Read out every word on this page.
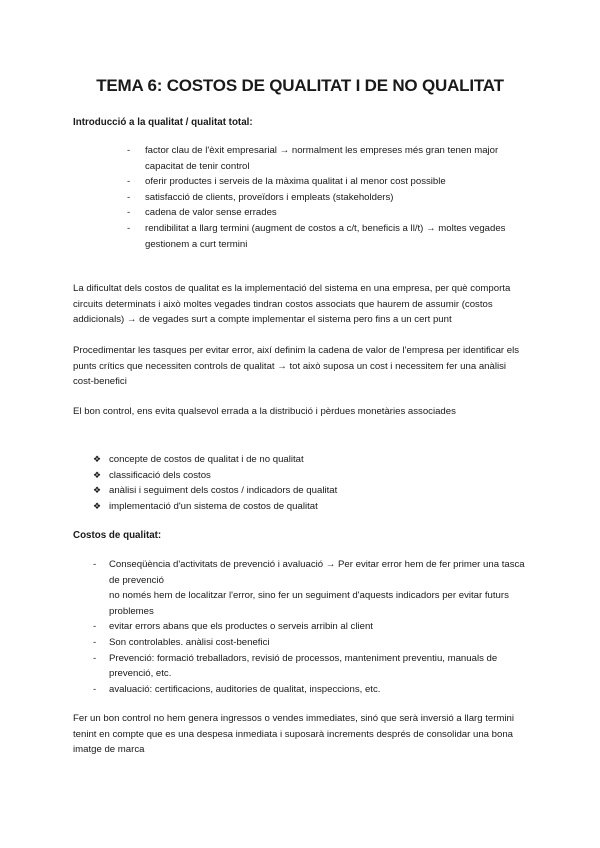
TEMA 6: COSTOS DE QUALITAT I DE NO QUALITAT
Introducció a la qualitat / qualitat total:
- factor clau de l'èxit empresarial → normalment les empreses més gran tenen major capacitat de tenir control
- oferir productes i serveis de la màxima qualitat i al menor cost possible
- satisfacció de clients, proveïdors i empleats (stakeholders)
- cadena de valor sense errades
- rendibilitat a llarg termini (augment de costos a c/t, beneficis a ll/t) → moltes vegades gestionem a curt termini
La dificultat dels costos de qualitat es la implementació del sistema en una empresa, per què comporta circuits determinats i això moltes vegades tindran costos associats que haurem de assumir (costos addicionals) → de vegades surt a compte implementar el sistema pero fins a un cert punt
Procedimentar les tasques per evitar error, així definim la cadena de valor de l'empresa per identificar els punts crítics que necessiten controls de qualitat → tot això suposa un cost i necessitem fer una anàlisi cost-benefici
El bon control, ens evita qualsevol errada a la distribució i pèrdues monetàries associades
❖ concepte de costos de qualitat i de no qualitat
❖ classificació dels costos
❖ anàlisi i seguiment dels costos / indicadors de qualitat
❖ implementació d'un sistema de costos de qualitat
Costos de qualitat:
- Conseqüència d'activitats de prevenció i avaluació → Per evitar error hem de fer primer una tasca de prevenció
no només hem de localitzar l'error, sino fer un seguiment d'aquests indicadors per evitar futurs problemes
- evitar errors abans que els productes o serveis arribin al client
- Son controlables. anàlisi cost-benefici
- Prevenció: formació treballadors, revisió de processos, manteniment preventiu, manuals de prevenció, etc.
- avaluació: certificacions, auditories de qualitat, inspeccions, etc.
Fer un bon control no hem genera ingressos o vendes immediates, sinó que serà inversió a llarg termini tenint en compte que es una despesa inmediata i suposarà increments després de consolidar una bona imatge de marca
